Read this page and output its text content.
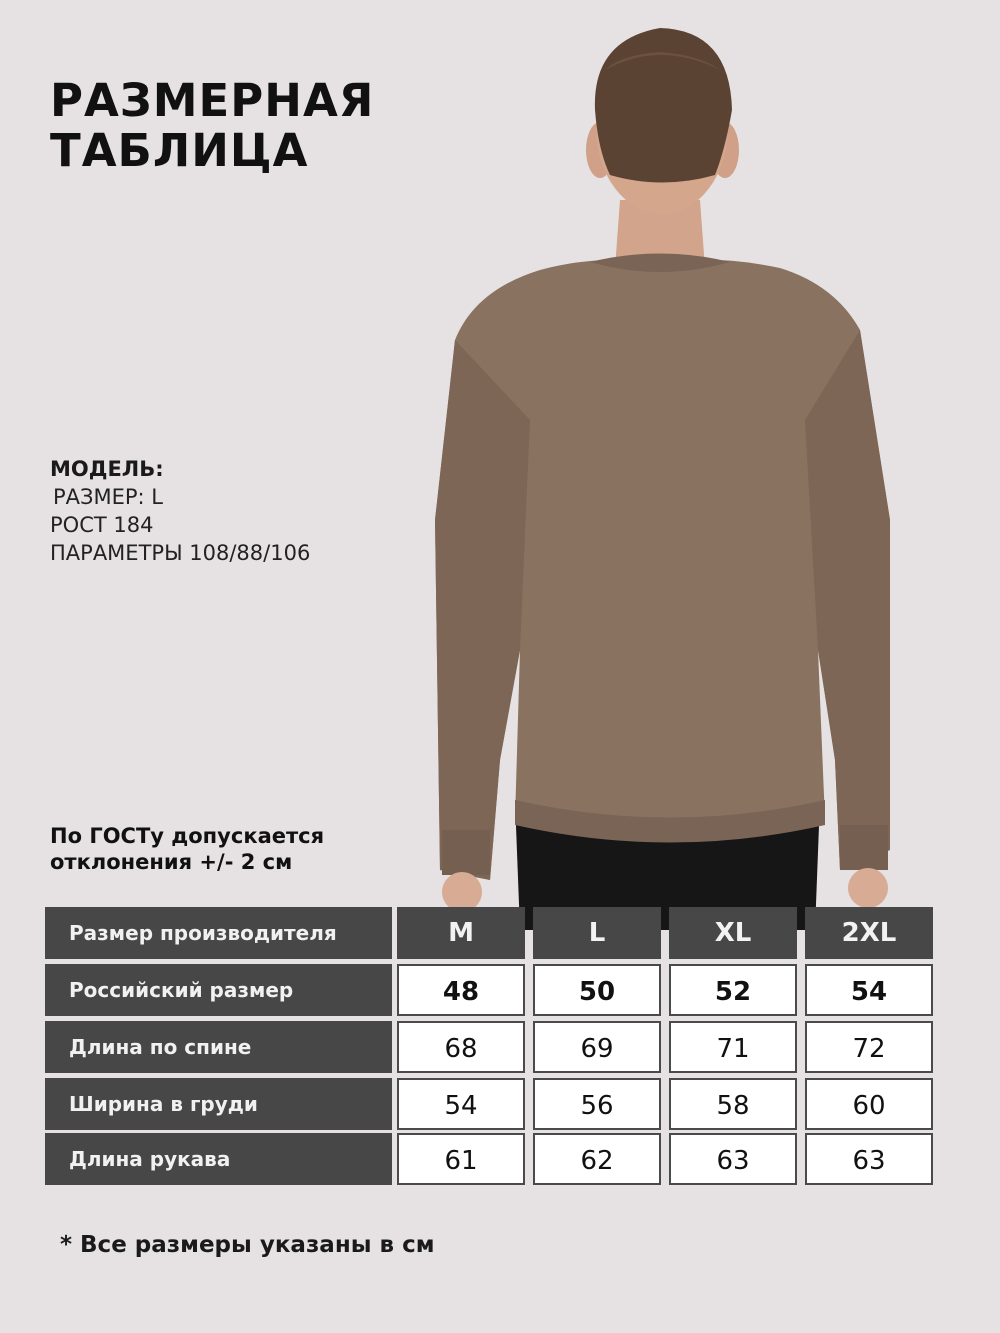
РАЗМЕРНАЯ
ТАБЛИЦА
МОДЕЛЬ:
РАЗМЕР: L
РОСТ 184
ПАРАМЕТРЫ 108/88/106
По ГОСТу допускается
отклонения +/- 2 см
Размер производителя	M	L	XL	2XL
Российский размер	48	50	52	54
Длина по спине	68	69	71	72
Ширина в груди	54	56	58	60
Длина рукава	61	62	63	63
* Все размеры указаны в см
